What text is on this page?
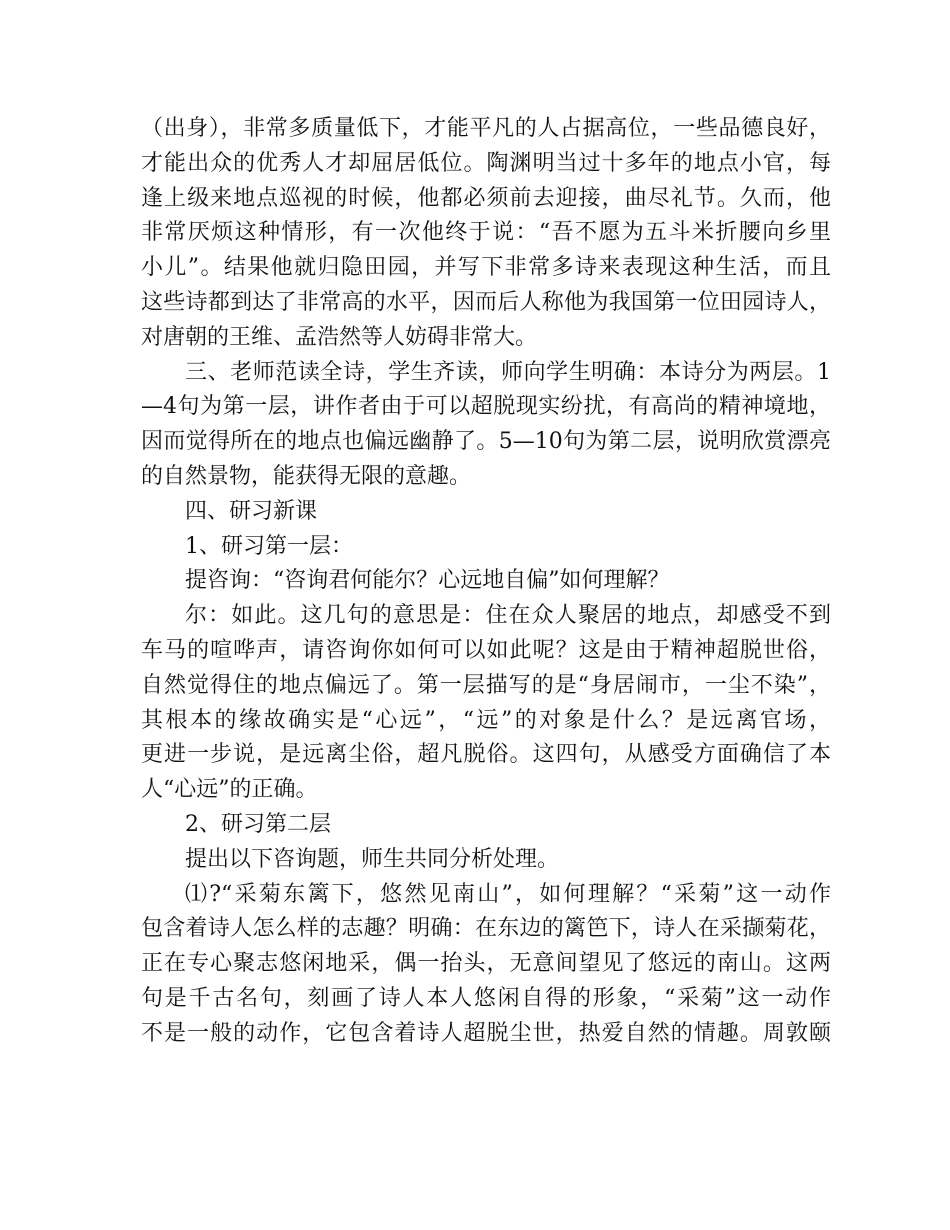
（出身），非常多质量低下，才能平凡的人占据高位，一些品德良好，
才能出众的优秀人才却屈居低位。陶渊明当过十多年的地点小官，每
逢上级来地点巡视的时候，他都必须前去迎接，曲尽礼节。久而，他
非常厌烦这种情形，有一次他终于说：“吾不愿为五斗米折腰向乡里
小儿”。结果他就归隐田园，并写下非常多诗来表现这种生活，而且
这些诗都到达了非常高的水平，因而后人称他为我国第一位田园诗人，
对唐朝的王维、孟浩然等人妨碍非常大。
三、老师范读全诗，学生齐读，师向学生明确：本诗分为两层。1
—4句为第一层，讲作者由于可以超脱现实纷扰，有高尚的精神境地，
因而觉得所在的地点也偏远幽静了。5—10句为第二层，说明欣赏漂亮
的自然景物，能获得无限的意趣。
四、研习新课
1、研习第一层：
提咨询：“咨询君何能尔？心远地自偏”如何理解？
尔：如此。这几句的意思是：住在众人聚居的地点，却感受不到
车马的喧哗声，请咨询你如何可以如此呢？这是由于精神超脱世俗，
自然觉得住的地点偏远了。第一层描写的是“身居闹市，一尘不染”，
其根本的缘故确实是“心远”，“远”的对象是什么？是远离官场，
更进一步说，是远离尘俗，超凡脱俗。这四句，从感受方面确信了本
人“心远”的正确。
2、研习第二层
提出以下咨询题，师生共同分析处理。
⑴?“采菊东篱下，悠然见南山”，如何理解？“采菊”这一动作
包含着诗人怎么样的志趣？明确：在东边的篱笆下，诗人在采撷菊花，
正在专心聚志悠闲地采，偶一抬头，无意间望见了悠远的南山。这两
句是千古名句，刻画了诗人本人悠闲自得的形象，“采菊”这一动作
不是一般的动作，它包含着诗人超脱尘世，热爱自然的情趣。周敦颐
